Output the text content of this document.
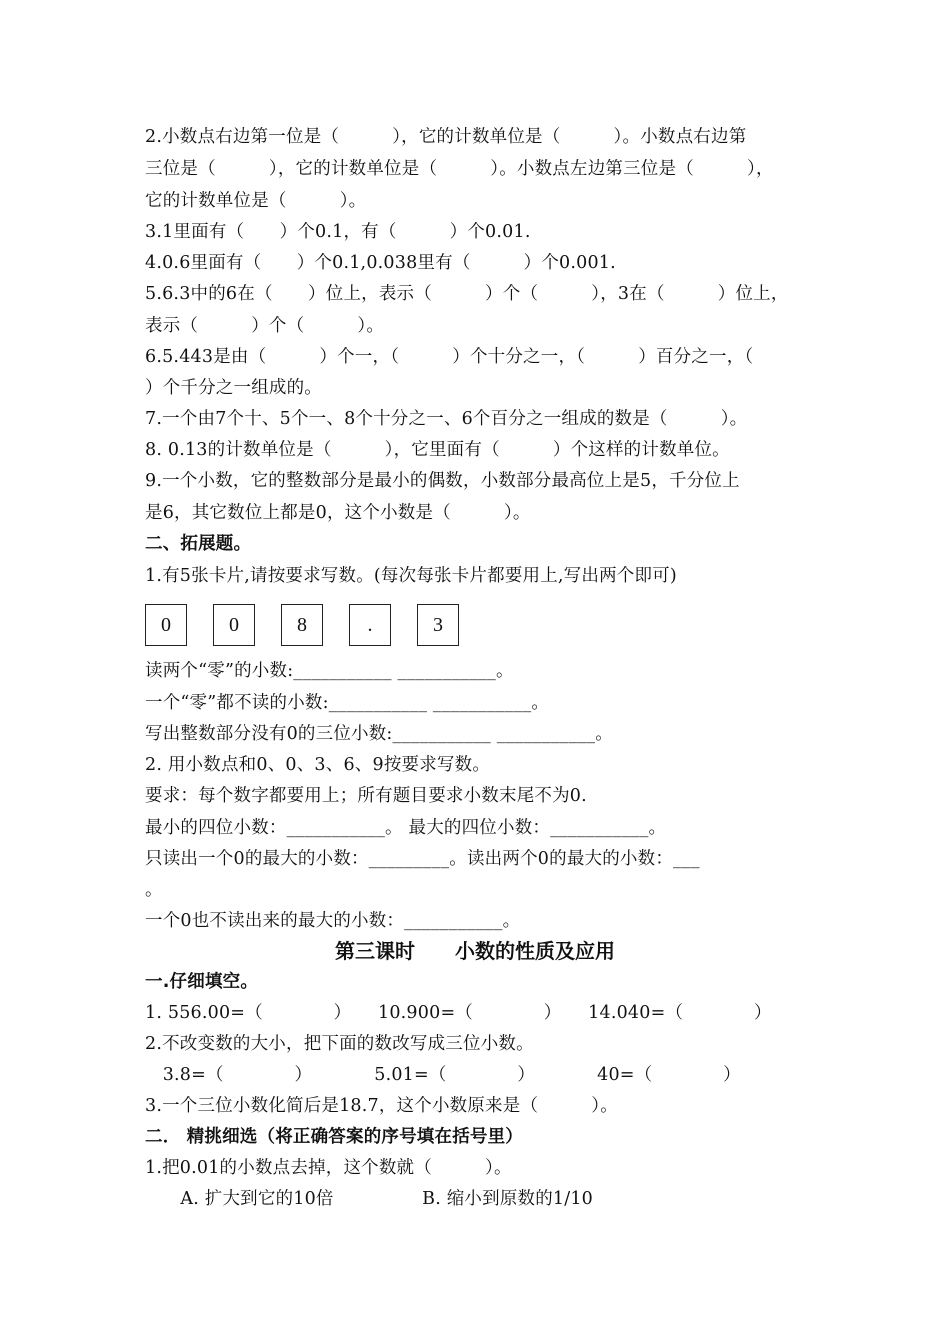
2.小数点右边第一位是（　　　），它的计数单位是（　　　）。小数点右边第
三位是（　　　），它的计数单位是（　　　）。小数点左边第三位是（　　　），
它的计数单位是（　　　）。
3.1里面有（　　）个0.1，有（　　　）个0.01.
4.0.6里面有（　　）个0.1,0.038里有（　　　）个0.001.
5.6.3中的6在（　　）位上，表示（　　　）个（　　　），3在（　　　）位上，
表示（　　　）个（　　　）。
6.5.443是由（　　　）个一，（　　　）个十分之一，（　　　）百分之一，（
）个千分之一组成的。
7.一个由7个十、5个一、8个十分之一、6个百分之一组成的数是（　　　）。
8. 0.13的计数单位是（　　　），它里面有（　　　）个这样的计数单位。
9.一个小数，它的整数部分是最小的偶数，小数部分最高位上是5，千分位上
是6，其它数位上都是0，这个小数是（　　　）。
二、拓展题。
1.有5张卡片,请按要求写数。(每次每张卡片都要用上,写出两个即可)
0	0	8	.	3
读两个“零”的小数:___________ ___________。
一个“零”都不读的小数:___________ ___________。
写出整数部分没有0的三位小数:___________ ___________。
2. 用小数点和0、0、3、6、9按要求写数。
要求：每个数字都要用上；所有题目要求小数末尾不为0.
最小的四位小数：___________。 最大的四位小数：___________。
只读出一个0的最大的小数：_________。读出两个0的最大的小数：___
。
一个0也不读出来的最大的小数：___________。
第三课时　　小数的性质及应用
一.仔细填空。
1. 556.00=（　　　　）　　10.900=（　　　　）　　14.040=（　　　　）
2.不改变数的大小，把下面的数改写成三位小数。
　3.8=（　　　　）　　　　5.01=（　　　　）　　　　40=（　　　　）
3.一个三位小数化简后是18.7，这个小数原来是（　　　）。
二． 精挑细选（将正确答案的序号填在括号里）
1.把0.01的小数点去掉，这个数就（　　　）。
　　A. 扩大到它的10倍　　　　　B. 缩小到原数的1/10
